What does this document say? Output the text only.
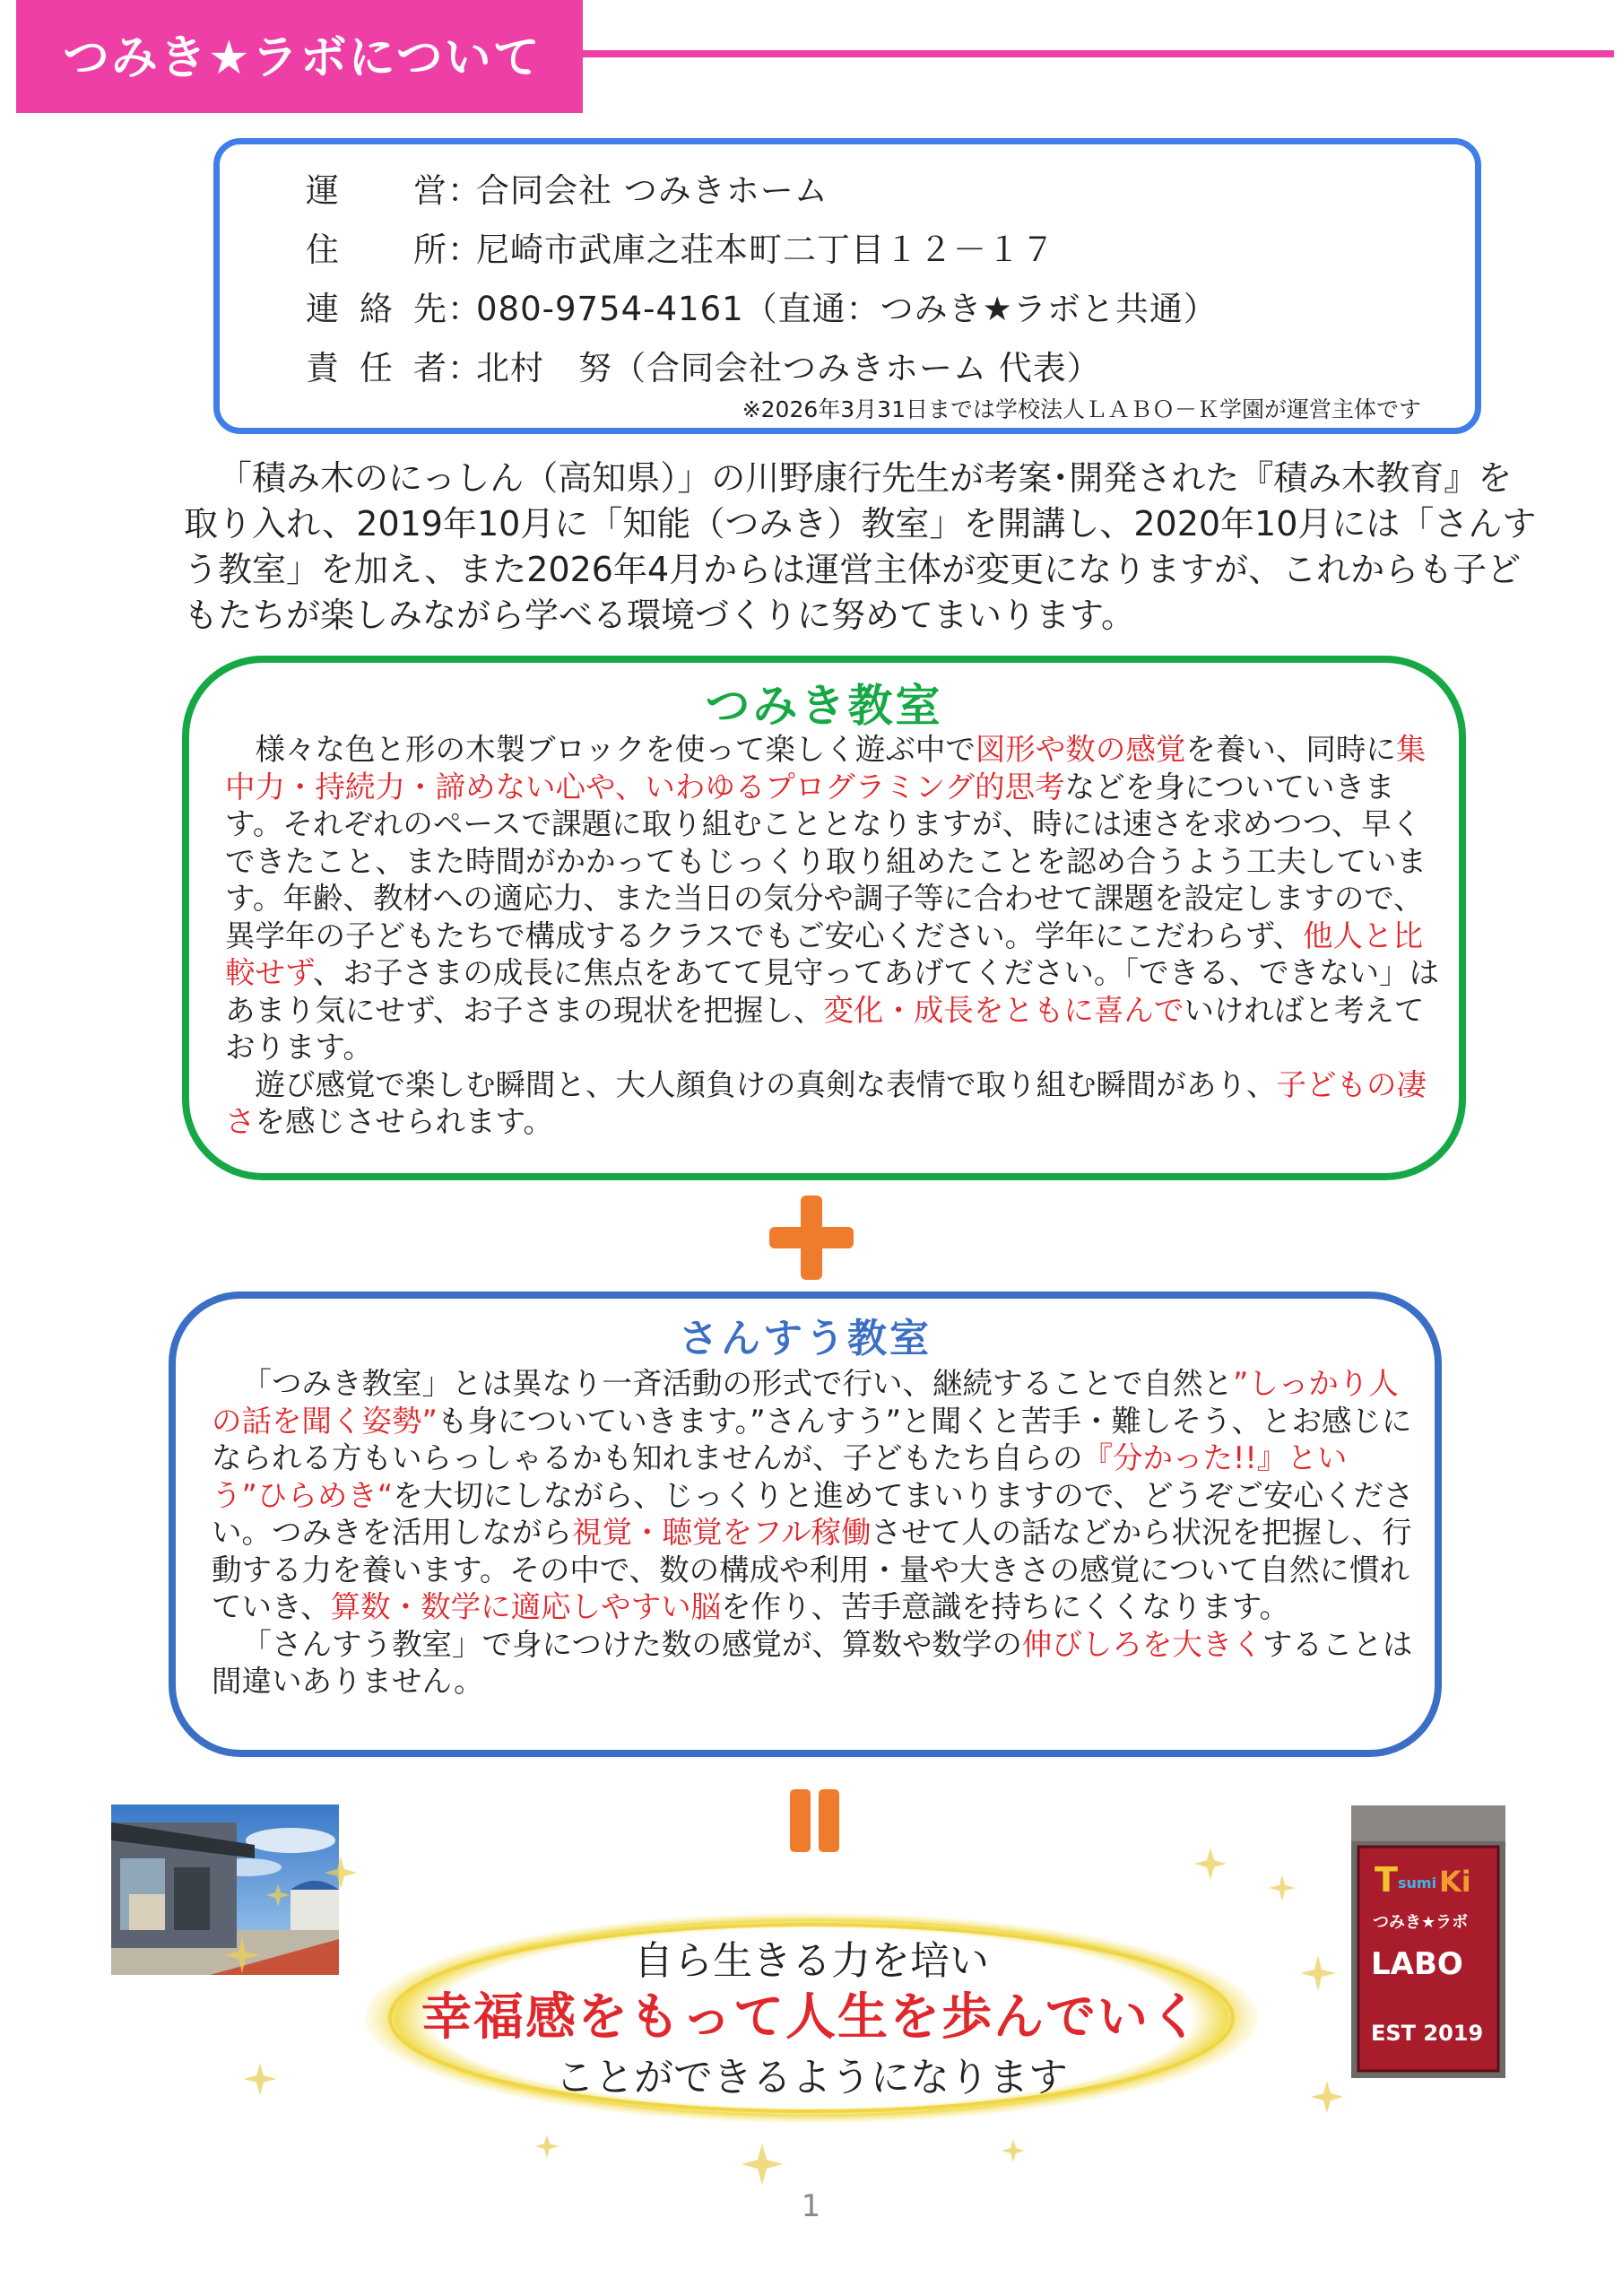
つみき★ラボについて
運営：合同会社 つみきホーム
住所：尼崎市武庫之荘本町二丁目１２－１７
連絡先：080-9754-4161（直通：つみき★ラボと共通）
責任者：北村　努（合同会社つみきホーム 代表）
※2026年3月31日までは学校法人ＬＡＢＯ－Ｋ学園が運営主体です
「積み木のにっしん（高知県）」の川野康行先生が考案･開発された『積み木教育』を取り入れ、2019年10月に「知能（つみき）教室」を開講し、2020年10月には「さんすう教室」を加え、また2026年4月からは運営主体が変更になりますが、これからも子どもたちが楽しみながら学べる環境づくりに努めてまいります。
つみき教室

様々な色と形の木製ブロックを使って楽しく遊ぶ中で図形や数の感覚を養い、同時に集中力・持続力・諦めない心や、いわゆるプログラミング的思考などを身についていきます。それぞれのペースで課題に取り組むこととなりますが、時には速さを求めつつ、早くできたこと、また時間がかかってもじっくり取り組めたことを認め合うよう工夫しています。年齢、教材への適応力、また当日の気分や調子等に合わせて課題を設定しますので、異学年の子どもたちで構成するクラスでもご安心ください。学年にこだわらず、他人と比較せず、お子さまの成長に焦点をあてて見守ってあげてください。「できる、できない」はあまり気にせず、お子さまの現状を把握し、変化・成長をともに喜んでいければと考えております。

遊び感覚で楽しむ瞬間と、大人顔負けの真剣な表情で取り組む瞬間があり、子どもの凄さを感じさせられます。

さんすう教室

「つみき教室」とは異なり一斉活動の形式で行い、継続することで自然と”しっかり人の話を聞く姿勢”も身についていきます。”さんすう”と聞くと苦手・難しそう、とお感じになられる方もいらっしゃるかも知れませんが、子どもたち自らの『分かった!!』という”ひらめき“を大切にしながら、じっくりと進めてまいりますので、どうぞご安心ください。つみきを活用しながら視覚・聴覚をフル稼働させて人の話などから状況を把握し、行動する力を養います。その中で、数の構成や利用・量や大きさの感覚について自然に慣れていき、算数・数学に適応しやすい脳を作り、苦手意識を持ちにくくなります。

「さんすう教室」で身につけた数の感覚が、算数や数学の伸びしろを大きくすることは間違いありません。

T sumi Ki
つみき★ラボ
LABO
EST 2019
自ら生きる力を培い
幸福感をもって人生を歩んでいく
ことができるようになります
1
